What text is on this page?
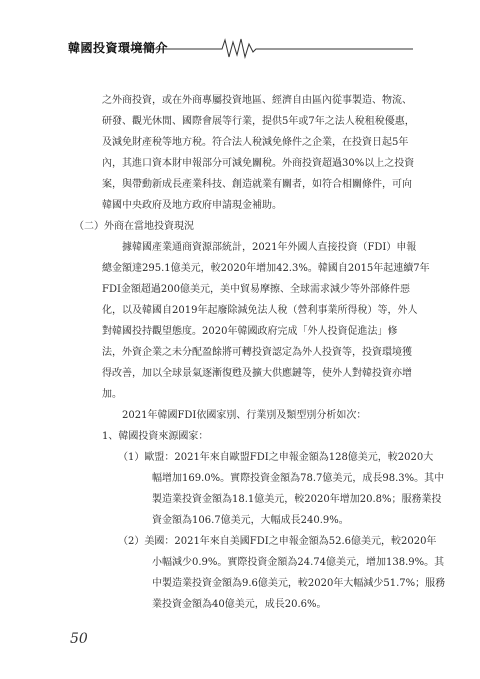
韓國投資環境簡介
之外商投資，或在外商專屬投資地區、經濟自由區內從事製造、物流、
研發、觀光休閒、國際會展等行業，提供5年或7年之法人稅租稅優惠，
及減免財產稅等地方稅。符合法人稅減免條件之企業，在投資日起5年
內，其進口資本財申報部分可減免關稅。外商投資超過30%以上之投資
案，與帶動新成長產業科技、創造就業有關者，如符合相關條件，可向
韓國中央政府及地方政府申請現金補助。
（二）外商在當地投資現況
據韓國產業通商資源部統計，2021年外國人直接投資（FDI）申報
總金額達295.1億美元，較2020年增加42.3%。韓國自2015年起連續7年
FDI金額超過200億美元，美中貿易摩擦、全球需求減少等外部條件惡
化，以及韓國自2019年起廢除減免法人稅（營利事業所得稅）等，外人
對韓國投持觀望態度。2020年韓國政府完成「外人投資促進法」修
法，外資企業之未分配盈餘將可轉投資認定為外人投資等，投資環境獲
得改善，加以全球景氣逐漸復甦及擴大供應鏈等，使外人對韓投資亦增
加。
2021年韓國FDI依國家別、行業別及類型別分析如次：
1、韓國投資來源國家：
（1）歐盟：2021年來自歐盟FDI之申報金額為128億美元，較2020大
幅增加169.0%。實際投資金額為78.7億美元，成長98.3%。其中
製造業投資金額為18.1億美元，較2020年增加20.8%；服務業投
資金額為106.7億美元，大幅成長240.9%。
（2）美國：2021年來自美國FDI之申報金額為52.6億美元，較2020年
小幅減少0.9%。實際投資金額為24.74億美元，增加138.9%。其
中製造業投資金額為9.6億美元，較2020年大幅減少51.7%；服務
業投資金額為40億美元，成長20.6%。
50
